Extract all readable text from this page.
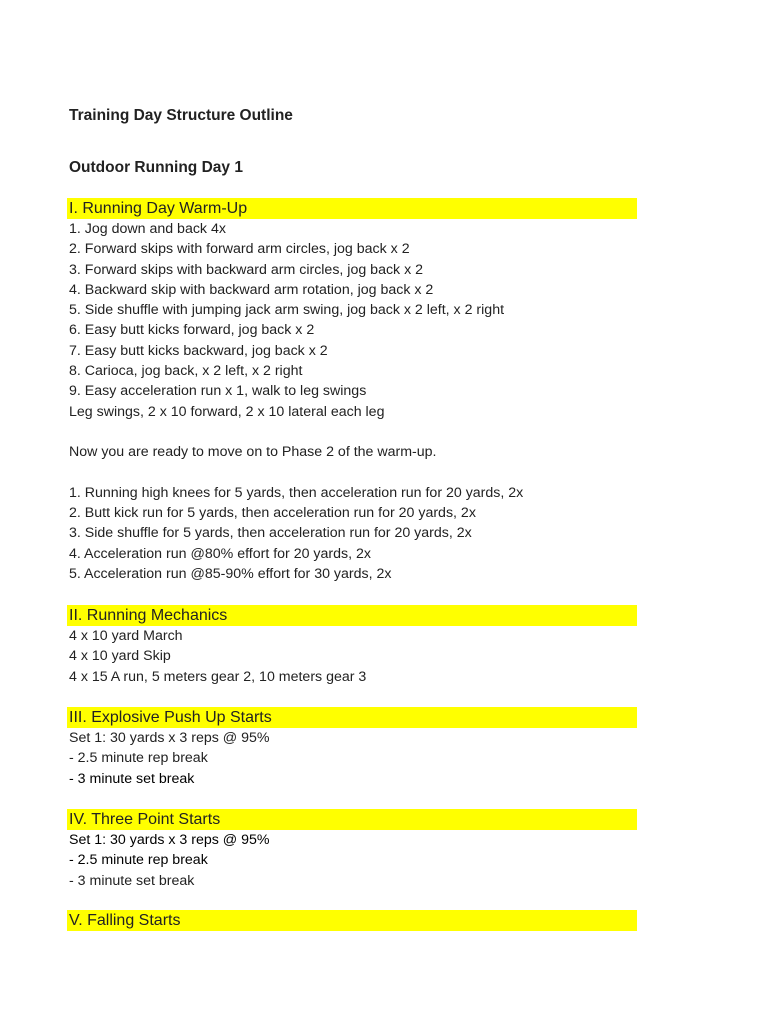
Training Day Structure Outline
Outdoor Running Day 1
I. Running Day Warm-Up
1. Jog down and back 4x
2. Forward skips with forward arm circles, jog back x 2
3. Forward skips with backward arm circles, jog back x 2
4. Backward skip with backward arm rotation, jog back x 2
5. Side shuffle with jumping jack arm swing, jog back x 2 left, x 2 right
6. Easy butt kicks forward, jog back x 2
7. Easy butt kicks backward, jog back x 2
8. Carioca, jog back, x 2 left, x 2 right
9. Easy acceleration run x 1, walk to leg swings
Leg swings, 2 x 10 forward, 2 x 10 lateral each leg
Now you are ready to move on to Phase 2 of the warm-up.
1. Running high knees for 5 yards, then acceleration run for 20 yards, 2x
2. Butt kick run for 5 yards, then acceleration run for 20 yards, 2x
3. Side shuffle for 5 yards, then acceleration run for 20 yards, 2x
4. Acceleration run @80% effort for 20 yards, 2x
5. Acceleration run @85-90% effort for 30 yards, 2x
II. Running Mechanics
4 x 10 yard March
4 x 10 yard Skip
4 x 15 A run, 5 meters gear 2, 10 meters gear 3
III. Explosive Push Up Starts
Set 1: 30 yards x 3 reps @ 95%
- 2.5 minute rep break
- 3 minute set break
IV. Three Point Starts
Set 1: 30 yards x 3 reps @ 95%
- 2.5 minute rep break
- 3 minute set break
V. Falling Starts
